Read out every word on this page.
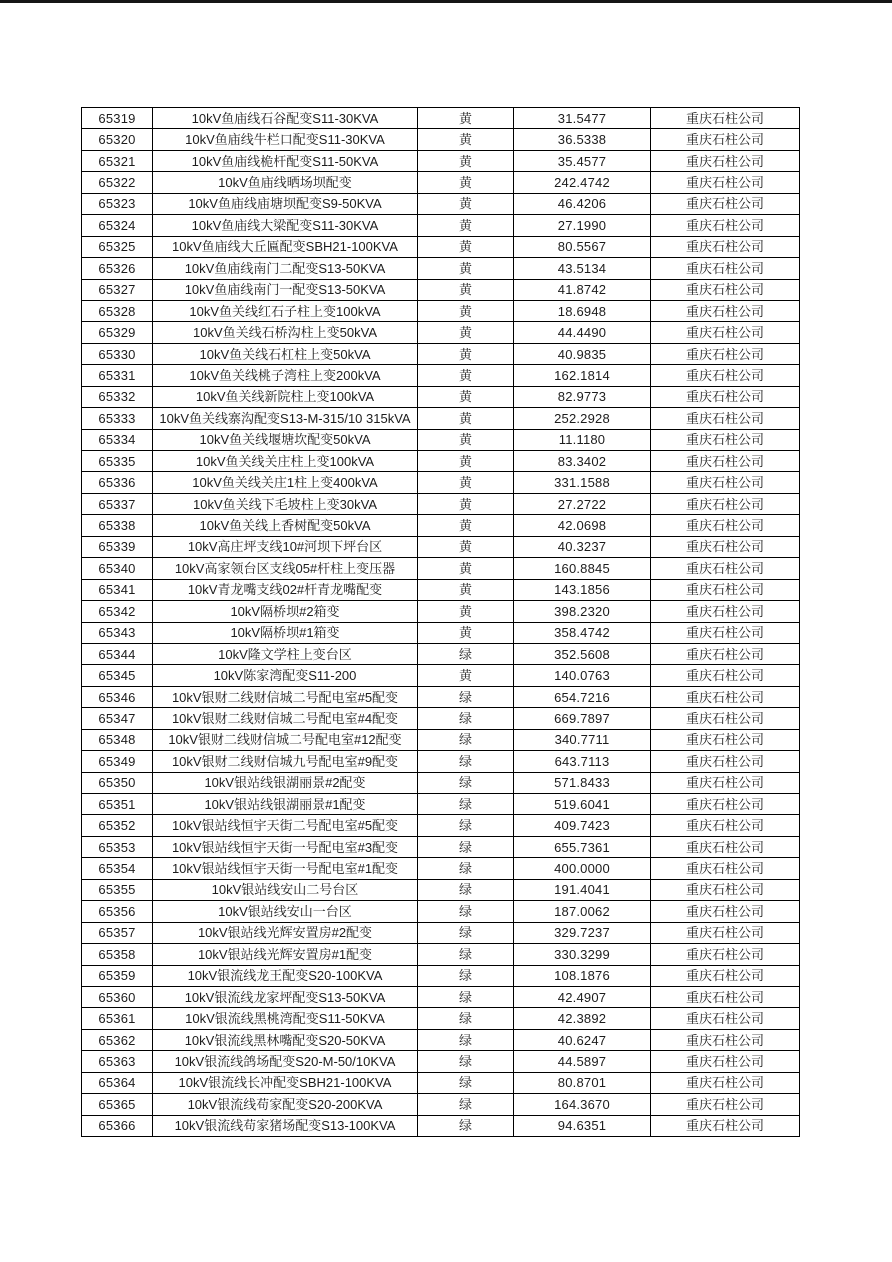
65319	10kV鱼庙线石谷配变S11-30KVA	黄	31.5477	重庆石柱公司
65320	10kV鱼庙线牛栏口配变S11-30KVA	黄	36.5338	重庆石柱公司
65321	10kV鱼庙线桅杆配变S11-50KVA	黄	35.4577	重庆石柱公司
65322	10kV鱼庙线晒场坝配变	黄	242.4742	重庆石柱公司
65323	10kV鱼庙线庙塘坝配变S9-50KVA	黄	46.4206	重庆石柱公司
65324	10kV鱼庙线大梁配变S11-30KVA	黄	27.1990	重庆石柱公司
65325	10kV鱼庙线大丘匾配变SBH21-100KVA	黄	80.5567	重庆石柱公司
65326	10kV鱼庙线南门二配变S13-50KVA	黄	43.5134	重庆石柱公司
65327	10kV鱼庙线南门一配变S13-50KVA	黄	41.8742	重庆石柱公司
65328	10kV鱼关线红石子柱上变100kVA	黄	18.6948	重庆石柱公司
65329	10kV鱼关线石桥沟柱上变50kVA	黄	44.4490	重庆石柱公司
65330	10kV鱼关线石杠柱上变50kVA	黄	40.9835	重庆石柱公司
65331	10kV鱼关线桃子湾柱上变200kVA	黄	162.1814	重庆石柱公司
65332	10kV鱼关线新院柱上变100kVA	黄	82.9773	重庆石柱公司
65333	10kV鱼关线寨沟配变S13-M-315/10 315kVA	黄	252.2928	重庆石柱公司
65334	10kV鱼关线堰塘坎配变50kVA	黄	11.1180	重庆石柱公司
65335	10kV鱼关线关庄柱上变100kVA	黄	83.3402	重庆石柱公司
65336	10kV鱼关线关庄1柱上变400kVA	黄	331.1588	重庆石柱公司
65337	10kV鱼关线下毛坡柱上变30kVA	黄	27.2722	重庆石柱公司
65338	10kV鱼关线上香树配变50kVA	黄	42.0698	重庆石柱公司
65339	10kV高庄坪支线10#河坝下坪台区	黄	40.3237	重庆石柱公司
65340	10kV高家领台区支线05#杆柱上变压器	黄	160.8845	重庆石柱公司
65341	10kV青龙嘴支线02#杆青龙嘴配变	黄	143.1856	重庆石柱公司
65342	10kV隔桥坝#2箱变	黄	398.2320	重庆石柱公司
65343	10kV隔桥坝#1箱变	黄	358.4742	重庆石柱公司
65344	10kV隆文学柱上变台区	绿	352.5608	重庆石柱公司
65345	10kV陈家湾配变S11-200	黄	140.0763	重庆石柱公司
65346	10kV银财二线财信城二号配电室#5配变	绿	654.7216	重庆石柱公司
65347	10kV银财二线财信城二号配电室#4配变	绿	669.7897	重庆石柱公司
65348	10kV银财二线财信城二号配电室#12配变	绿	340.7711	重庆石柱公司
65349	10kV银财二线财信城九号配电室#9配变	绿	643.7113	重庆石柱公司
65350	10kV银站线银湖丽景#2配变	绿	571.8433	重庆石柱公司
65351	10kV银站线银湖丽景#1配变	绿	519.6041	重庆石柱公司
65352	10kV银站线恒宇天街二号配电室#5配变	绿	409.7423	重庆石柱公司
65353	10kV银站线恒宇天街一号配电室#3配变	绿	655.7361	重庆石柱公司
65354	10kV银站线恒宇天街一号配电室#1配变	绿	400.0000	重庆石柱公司
65355	10kV银站线安山二号台区	绿	191.4041	重庆石柱公司
65356	10kV银站线安山一台区	绿	187.0062	重庆石柱公司
65357	10kV银站线光辉安置房#2配变	绿	329.7237	重庆石柱公司
65358	10kV银站线光辉安置房#1配变	绿	330.3299	重庆石柱公司
65359	10kV银流线龙王配变S20-100KVA	绿	108.1876	重庆石柱公司
65360	10kV银流线龙家坪配变S13-50KVA	绿	42.4907	重庆石柱公司
65361	10kV银流线黑桃湾配变S11-50KVA	绿	42.3892	重庆石柱公司
65362	10kV银流线黑林嘴配变S20-50KVA	绿	40.6247	重庆石柱公司
65363	10kV银流线鸽场配变S20-M-50/10KVA	绿	44.5897	重庆石柱公司
65364	10kV银流线长冲配变SBH21-100KVA	绿	80.8701	重庆石柱公司
65365	10kV银流线苟家配变S20-200KVA	绿	164.3670	重庆石柱公司
65366	10kV银流线苟家猪场配变S13-100KVA	绿	94.6351	重庆石柱公司
